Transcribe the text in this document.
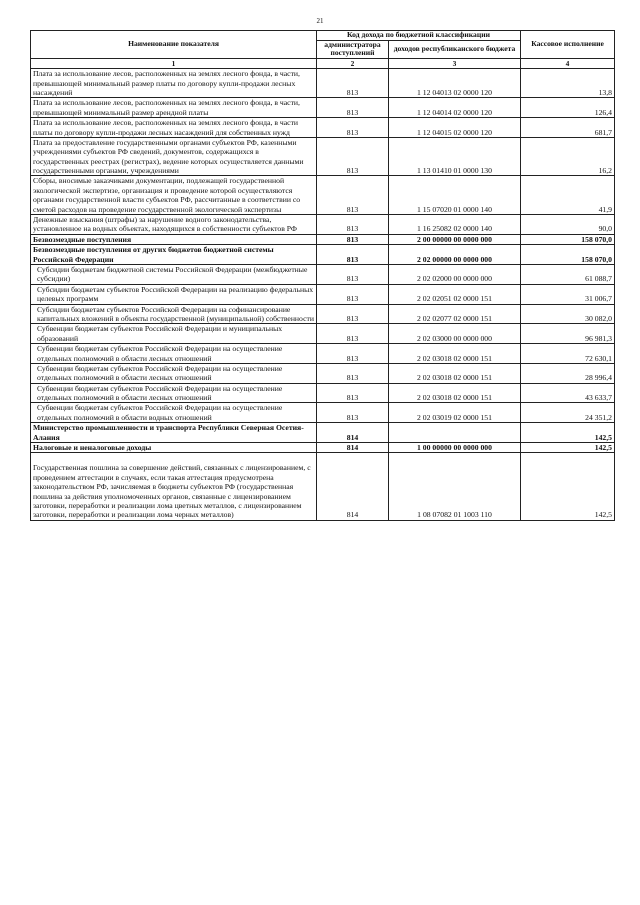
21
Наименование показателя	Код дохода по бюджетной классификации		Кассовое исполнение
	администратора поступлений	доходов республиканского бюджета	
1	2	3	4
Плата за использование лесов, расположенных на землях лесного фонда, в части, превышающей минимальный размер платы по договору купли-продажи лесных насаждений	813	1 12 04013 02 0000 120	13,8
Плата за использование лесов, расположенных на землях лесного фонда, в части, превышающей минимальный размер арендной платы	813	1 12 04014 02 0000 120	126,4
Плата за использование лесов, расположенных на землях лесного фонда, в части платы по договору купли-продажи лесных насаждений для собственных нужд	813	1 12 04015 02 0000 120	681,7
Плата за предоставление государственными органами субъектов РФ, казенными учреждениями субъектов РФ сведений, документов, содержащихся в государственных реестрах (регистрах), ведение которых осуществляется данными государственными органами, учреждениями	813	1 13 01410 01 0000 130	16,2
Сборы, вносимые заказчиками документации, подлежащей государственной экологической экспертизе, организация и проведение которой осуществляются органами государственной власти субъектов РФ, рассчитанные в соответствии со сметой расходов на проведение государственной экологической экспертизы	813	1 15 07020 01 0000 140	41,9
Денежные взыскания (штрафы) за нарушение водного законодательства, установленное на водных объектах, находящихся в собственности субъектов РФ	813	1 16 25082 02 0000 140	90,0
Безвозмездные поступления	813	2 00 00000 00 0000 000	158 070,0
Безвозмездные поступления от других бюджетов бюджетной системы Российской Федерации	813	2 02 00000 00 0000 000	158 070,0
Субсидии бюджетам бюджетной системы Российской Федерации (межбюджетные субсидии)	813	2 02 02000 00 0000 000	61 088,7
Субсидии бюджетам субъектов Российской Федерации на реализацию федеральных целевых программ	813	2 02 02051 02 0000 151	31 006,7
Субсидии бюджетам субъектов Российской Федерации на софинансирование капитальных вложений в объекты государственной (муниципальной) собственности	813	2 02 02077 02 0000 151	30 082,0
Субвенции бюджетам субъектов Российской Федерации и муниципальных образований	813	2 02 03000 00 0000 000	96 981,3
Субвенции бюджетам субъектов Российской Федерации на осуществление отдельных полномочий в области лесных отношений	813	2 02 03018 02 0000 151	72 630,1
Субвенции бюджетам субъектов Российской Федерации на осуществление отдельных полномочий в области лесных отношений	813	2 02 03018 02 0000 151	28 996,4
Субвенции бюджетам субъектов Российской Федерации на осуществление отдельных полномочий в области лесных отношений	813	2 02 03018 02 0000 151	43 633,7
Субвенции бюджетам субъектов Российской Федерации на осуществление отдельных полномочий в области водных отношений	813	2 02 03019 02 0000 151	24 351,2
Министерство промышленности и транспорта Республики Северная Осетия-Алания	814		142,5
Налоговые и неналоговые доходы	814	1 00 00000 00 0000 000	142,5

Государственная пошлина за совершение действий, связанных с лицензированием, с проведением аттестации в случаях, если такая аттестация предусмотрена законодательством РФ, зачисляемая в бюджеты субъектов РФ (государственная пошлина за действия уполномоченных органов, связанные с лицензированием заготовки, переработки и реализации лома цветных металлов, с лицензированием заготовки, переработки и реализации лома черных металлов)	814	1 08 07082 01 1003 110	142,5
